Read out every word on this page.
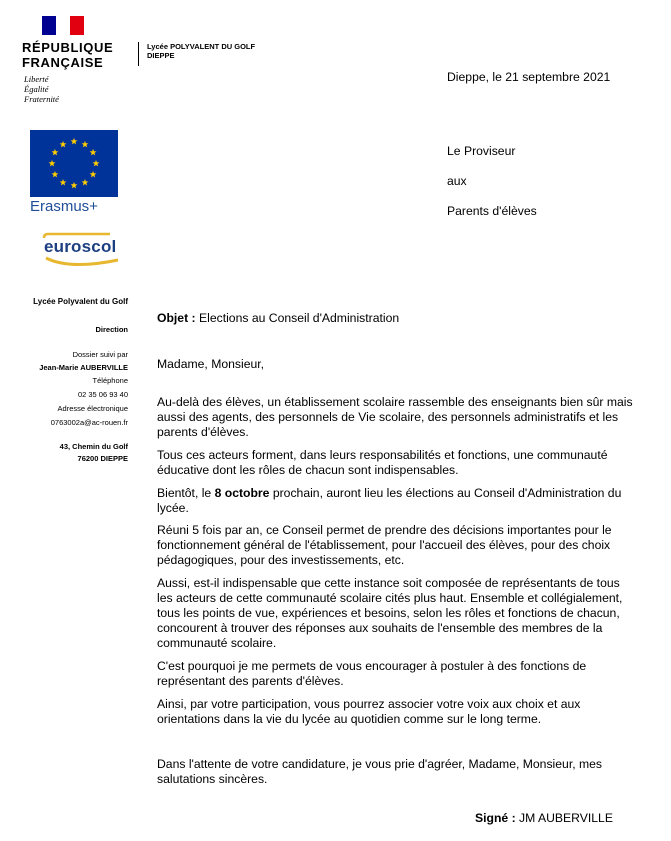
RÉPUBLIQUE
FRANÇAISE
Liberté
Égalité
Fraternité
Lycée POLYVALENT DU GOLF
DIEPPE
Dieppe, le 21 septembre 2021
Le Proviseur
aux
Parents d'élèves
Erasmus+
euroscol
Lycée Polyvalent du Golf
Direction
Dossier suivi par
Jean-Marie AUBERVILLE
Téléphone
02 35 06 93 40
Adresse électronique
0763002a@ac-rouen.fr
43, Chemin du Golf
76200 DIEPPE
Objet : Elections au Conseil d'Administration
Madame, Monsieur,
Au-delà des élèves, un établissement scolaire rassemble des enseignants bien sûr mais aussi des agents, des personnels de Vie scolaire, des personnels administratifs et les parents d'élèves.
Tous ces acteurs forment, dans leurs responsabilités et fonctions, une communauté éducative dont les rôles de chacun sont indispensables.
Bientôt, le 8 octobre prochain, auront lieu les élections au Conseil d'Administration du lycée.
Réuni 5 fois par an, ce Conseil permet de prendre des décisions importantes pour le fonctionnement général de l'établissement, pour l'accueil des élèves, pour des choix pédagogiques, pour des investissements, etc.
Aussi, est-il indispensable que cette instance soit composée de représentants de tous les acteurs de cette communauté scolaire cités plus haut. Ensemble et collégialement, tous les points de vue, expériences et besoins, selon les rôles et fonctions de chacun, concourent à trouver des réponses aux souhaits de l'ensemble des membres de la communauté scolaire.
C'est pourquoi je me permets de vous encourager à postuler à des fonctions de représentant des parents d'élèves.
Ainsi, par votre participation, vous pourrez associer votre voix aux choix et aux orientations dans la vie du lycée au quotidien comme sur le long terme.
Dans l'attente de votre candidature, je vous prie d'agréer, Madame, Monsieur, mes salutations sincères.
Signé : JM AUBERVILLE
